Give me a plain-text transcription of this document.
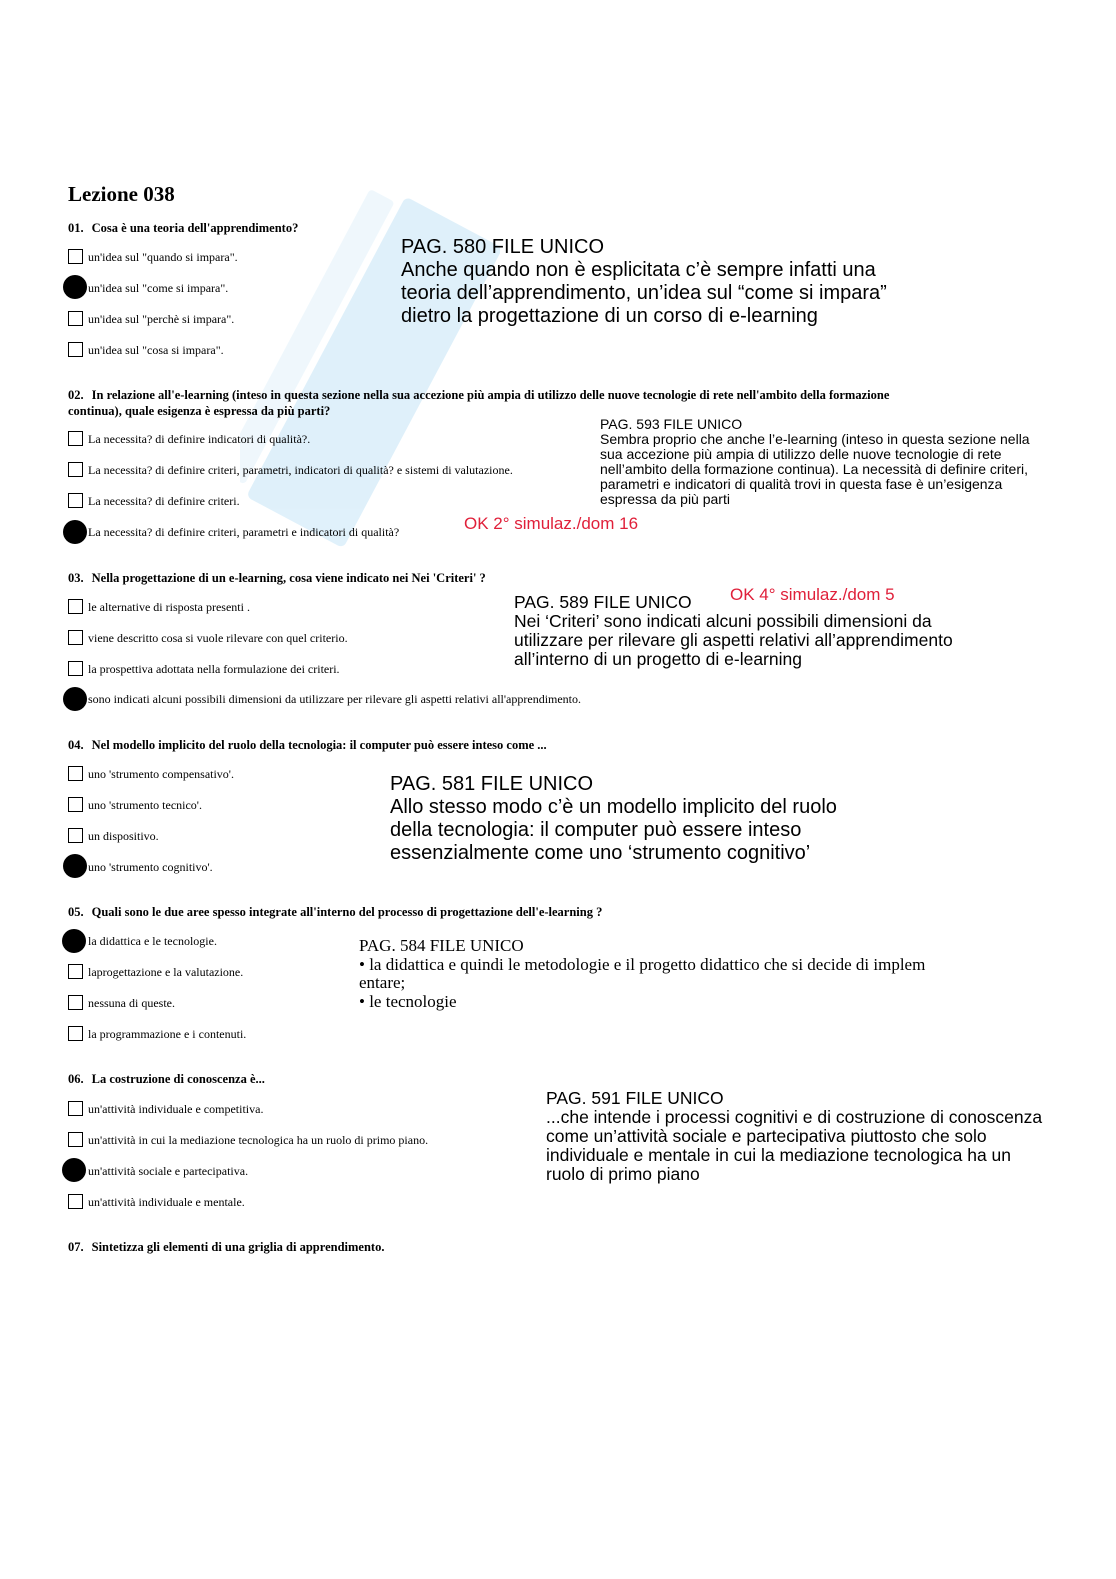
Lezione 038
01. Cosa è una teoria dell'apprendimento?
un'idea sul "quando si impara".
un'idea sul "come si impara".
un'idea sul "perchè si impara".
un'idea sul "cosa si impara".
PAG. 580 FILE UNICO
Anche quando non è esplicitata c’è sempre infatti una
teoria dell’apprendimento, un’idea sul “come si impara”
dietro la progettazione di un corso di e-learning
02. In relazione all'e-learning (inteso in questa sezione nella sua accezione più ampia di utilizzo delle nuove tecnologie di rete nell'ambito della formazione
continua), quale esigenza è espressa da più parti?
La necessita? di definire indicatori di qualità?.
La necessita? di definire criteri, parametri, indicatori di qualità? e sistemi di valutazione.
La necessita? di definire criteri.
La necessita? di definire criteri, parametri e indicatori di qualità?
PAG. 593 FILE UNICO
Sembra proprio che anche l’e-learning (inteso in questa sezione nella
sua accezione più ampia di utilizzo delle nuove tecnologie di rete
nell’ambito della formazione continua). La necessità di definire criteri,
parametri e indicatori di qualità trovi in questa fase è un’esigenza
espressa da più parti
OK 2° simulaz./dom 16
03. Nella progettazione di un e-learning, cosa viene indicato nei Nei 'Criteri' ?
le alternative di risposta presenti .
viene descritto cosa si vuole rilevare con quel criterio.
la prospettiva adottata nella formulazione dei criteri.
sono indicati alcuni possibili dimensioni da utilizzare per rilevare gli aspetti relativi all'apprendimento.
OK 4° simulaz./dom 5
PAG. 589 FILE UNICO
Nei ‘Criteri’ sono indicati alcuni possibili dimensioni da
utilizzare per rilevare gli aspetti relativi all’apprendimento
all’interno di un progetto di e-learning
04. Nel modello implicito del ruolo della tecnologia: il computer può essere inteso come ...
uno 'strumento compensativo'.
uno 'strumento tecnico'.
un dispositivo.
uno 'strumento cognitivo'.
PAG. 581 FILE UNICO
Allo stesso modo c’è un modello implicito del ruolo
della tecnologia: il computer può essere inteso
essenzialmente come uno ‘strumento cognitivo’
05. Quali sono le due aree spesso integrate all'interno del processo di progettazione dell'e-learning ?
la didattica e le tecnologie.
laprogettazione e la valutazione.
nessuna di queste.
la programmazione e i contenuti.
PAG. 584 FILE UNICO
• la didattica e quindi le metodologie e il progetto didattico che si decide di implem
entare;
• le tecnologie
06. La costruzione di conoscenza è...
un'attività individuale e competitiva.
un'attività in cui la mediazione tecnologica ha un ruolo di primo piano.
un'attività sociale e partecipativa.
un'attività individuale e mentale.
PAG. 591 FILE UNICO
...che intende i processi cognitivi e di costruzione di conoscenza
come un’attività sociale e partecipativa piuttosto che solo
individuale e mentale in cui la mediazione tecnologica ha un
ruolo di primo piano
07. Sintetizza gli elementi di una griglia di apprendimento.
